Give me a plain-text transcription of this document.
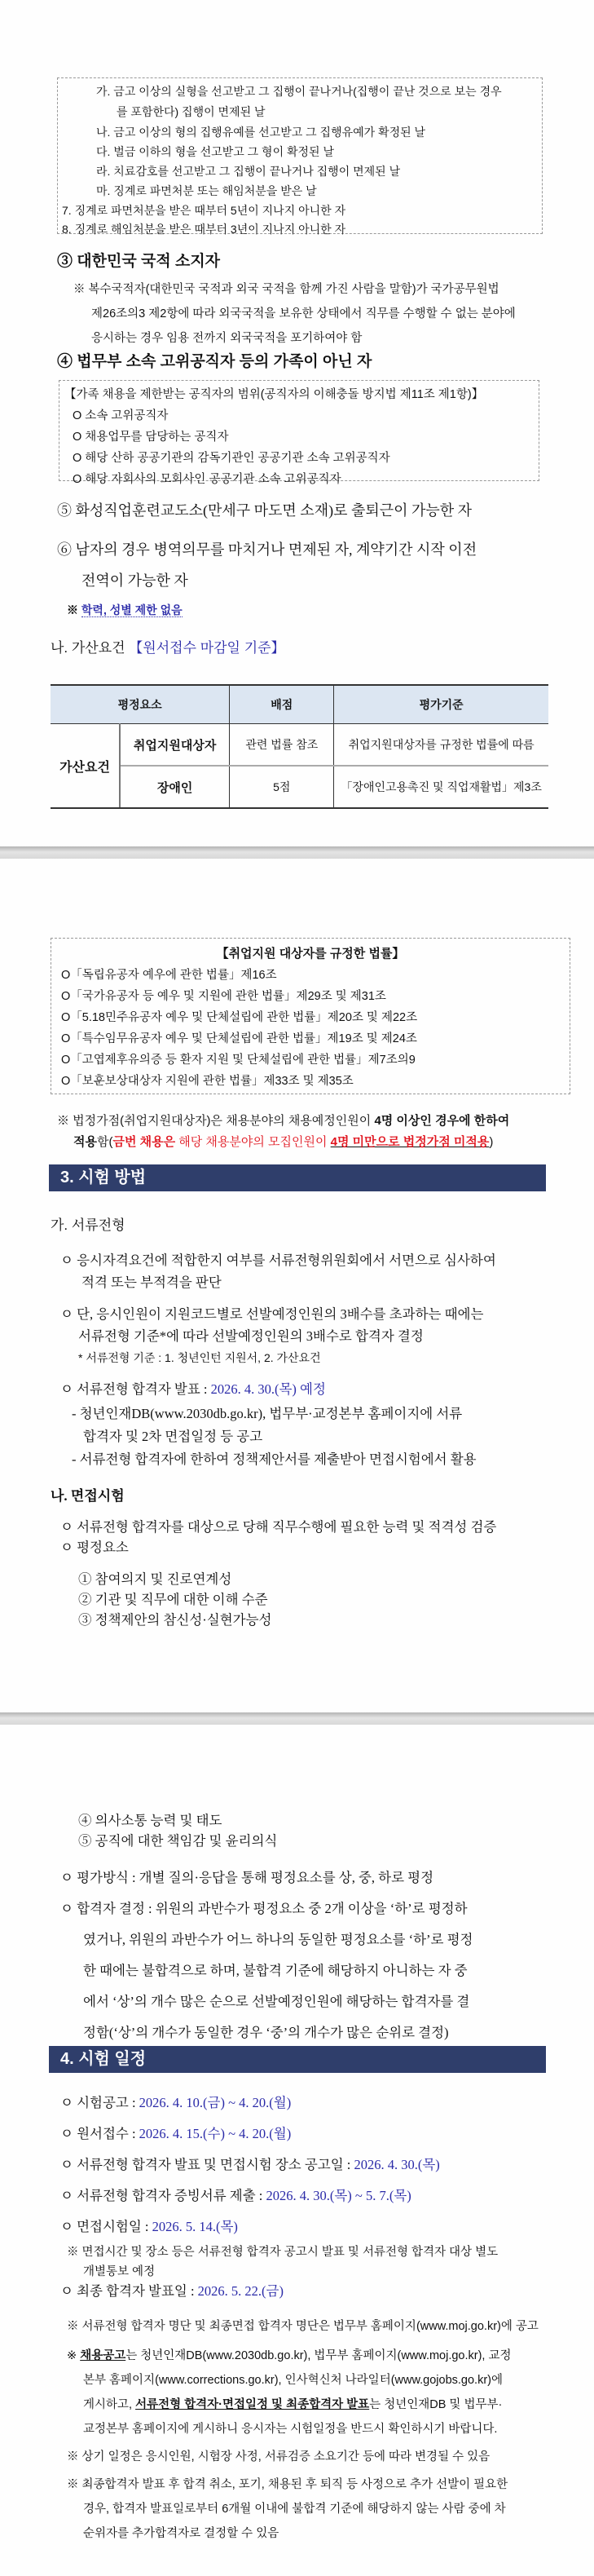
가. 금고 이상의 실형을 선고받고 그 집행이 끝나거나(집행이 끝난 것으로 보는 경우
를 포함한다) 집행이 면제된 날
나. 금고 이상의 형의 집행유예를 선고받고 그 집행유예가 확정된 날
다. 벌금 이하의 형을 선고받고 그 형이 확정된 날
라. 치료감호를 선고받고 그 집행이 끝나거나 집행이 면제된 날
마. 징계로 파면처분 또는 해임처분을 받은 날
7. 징계로 파면처분을 받은 때부터 5년이 지나지 아니한 자
8. 징계로 해임처분을 받은 때부터 3년이 지나지 아니한 자
③ 대한민국 국적 소지자
※ 복수국적자(대한민국 국적과 외국 국적을 함께 가진 사람을 말함)가 국가공무원법
제26조의3 제2항에 따라 외국국적을 보유한 상태에서 직무를 수행할 수 없는 분야에
응시하는 경우 임용 전까지 외국국적을 포기하여야 함
④ 법무부 소속 고위공직자 등의 가족이 아닌 자
【가족 채용을 제한받는 공직자의 범위(공직자의 이해충돌 방지법 제11조 제1항)】
O 소속 고위공직자
O 채용업무를 담당하는 공직자
O 해당 산하 공공기관의 감독기관인 공공기관 소속 고위공직자
O 해당 자회사의 모회사인 공공기관 소속 고위공직자
⑤ 화성직업훈련교도소(만세구 마도면 소재)로 출퇴근이 가능한 자
⑥ 남자의 경우 병역의무를 마치거나 면제된 자, 계약기간 시작 이전
전역이 가능한 자
※ 학력, 성별 제한 없음
나. 가산요건 【원서접수 마감일 기준】
평정요소		배점	평가기준
가산요건	취업지원대상자	관련 법률 참조	취업지원대상자를 규정한 법률에 따름
	장애인	5점	「장애인고용촉진 및 직업재활법」제3조
【취업지원 대상자를 규정한 법률】
O「독립유공자 예우에 관한 법률」제16조
O「국가유공자 등 예우 및 지원에 관한 법률」제29조 및 제31조
O「5.18민주유공자 예우 및 단체설립에 관한 법률」제20조 및 제22조
O「특수임무유공자 예우 및 단체설립에 관한 법률」제19조 및 제24조
O「고엽제후유의증 등 환자 지원 및 단체설립에 관한 법률」제7조의9
O「보훈보상대상자 지원에 관한 법률」제33조 및 제35조
※ 법정가점(취업지원대상자)은 채용분야의 채용예정인원이 4명 이상인 경우에 한하여
적용함(금번 채용은 해당 채용분야의 모집인원이 4명 미만으로 법정가점 미적용)
3. 시험 방법
가. 서류전형
ㅇ 응시자격요건에 적합한지 여부를 서류전형위원회에서 서면으로 심사하여
적격 또는 부적격을 판단
ㅇ 단, 응시인원이 지원코드별로 선발예정인원의 3배수를 초과하는 때에는
서류전형 기준*에 따라 선발예정인원의 3배수로 합격자 결정
* 서류전형 기준 : 1. 청년인턴 지원서, 2. 가산요건
ㅇ 서류전형 합격자 발표 : 2026. 4. 30.(목) 예정
- 청년인재DB(www.2030db.go.kr), 법무부·교정본부 홈페이지에 서류
합격자 및 2차 면접일정 등 공고
- 서류전형 합격자에 한하여 정책제안서를 제출받아 면접시험에서 활용
나. 면접시험
ㅇ 서류전형 합격자를 대상으로 당해 직무수행에 필요한 능력 및 적격성 검증
ㅇ 평정요소
① 참여의지 및 진로연계성
② 기관 및 직무에 대한 이해 수준
③ 정책제안의 참신성·실현가능성
④ 의사소통 능력 및 태도
⑤ 공직에 대한 책임감 및 윤리의식
ㅇ 평가방식 : 개별 질의·응답을 통해 평정요소를 상, 중, 하로 평정
ㅇ 합격자 결정 : 위원의 과반수가 평정요소 중 2개 이상을 ‘하’로 평정하
였거나, 위원의 과반수가 어느 하나의 동일한 평정요소를 ‘하’로 평정
한 때에는 불합격으로 하며, 불합격 기준에 해당하지 아니하는 자 중
에서 ‘상’의 개수 많은 순으로 선발예정인원에 해당하는 합격자를 결
정함(‘상’의 개수가 동일한 경우 ‘중’의 개수가 많은 순위로 결정)
4. 시험 일정
ㅇ 시험공고 : 2026. 4. 10.(금) ~ 4. 20.(월)
ㅇ 원서접수 : 2026. 4. 15.(수) ~ 4. 20.(월)
ㅇ 서류전형 합격자 발표 및 면접시험 장소 공고일 : 2026. 4. 30.(목)
ㅇ 서류전형 합격자 증빙서류 제출 : 2026. 4. 30.(목) ~ 5. 7.(목)
ㅇ 면접시험일 : 2026. 5. 14.(목)
※ 면접시간 및 장소 등은 서류전형 합격자 공고시 발표 및 서류전형 합격자 대상 별도
개별통보 예정
ㅇ 최종 합격자 발표일 : 2026. 5. 22.(금)
※ 서류전형 합격자 명단 및 최종면접 합격자 명단은 법무부 홈페이지(www.moj.go.kr)에 공고
※ 채용공고는 청년인재DB(www.2030db.go.kr), 법무부 홈페이지(www.moj.go.kr), 교정
본부 홈페이지(www.corrections.go.kr), 인사혁신처 나라일터(www.gojobs.go.kr)에
게시하고, 서류전형 합격자·면접일정 및 최종합격자 발표는 청년인재DB 및 법무부·
교정본부 홈페이지에 게시하니 응시자는 시험일정을 반드시 확인하시기 바랍니다.
※ 상기 일정은 응시인원, 시험장 사정, 서류검증 소요기간 등에 따라 변경될 수 있음
※ 최종합격자 발표 후 합격 취소, 포기, 채용된 후 퇴직 등 사정으로 추가 선발이 필요한
경우, 합격자 발표일로부터 6개월 이내에 불합격 기준에 해당하지 않는 사람 중에 차
순위자를 추가합격자로 결정할 수 있음
